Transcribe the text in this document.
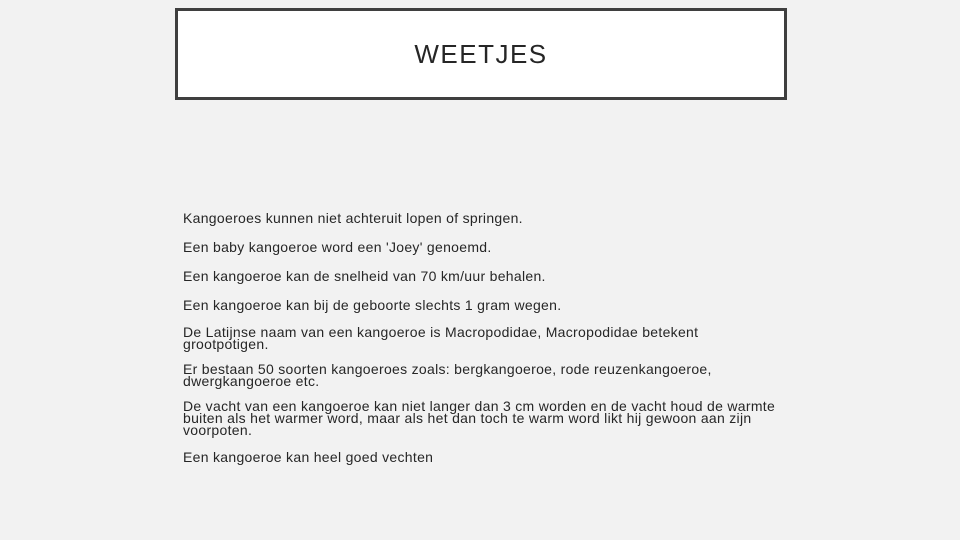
WEETJES
Kangoeroes kunnen niet achteruit lopen of springen.
Een baby kangoeroe word een 'Joey' genoemd.
Een kangoeroe kan de snelheid van 70 km/uur behalen.
Een kangoeroe kan bij de geboorte slechts 1 gram wegen.
De Latijnse naam van een kangoeroe is Macropodidae, Macropodidae betekent grootpotigen.
Er bestaan 50 soorten kangoeroes zoals: bergkangoeroe, rode reuzenkangoeroe, dwergkangoeroe etc.
De vacht van een kangoeroe kan niet langer dan 3 cm worden en de vacht houd de warmte buiten als het warmer word, maar als het dan toch te warm word likt hij gewoon aan zijn voorpoten.
Een kangoeroe kan heel goed vechten
